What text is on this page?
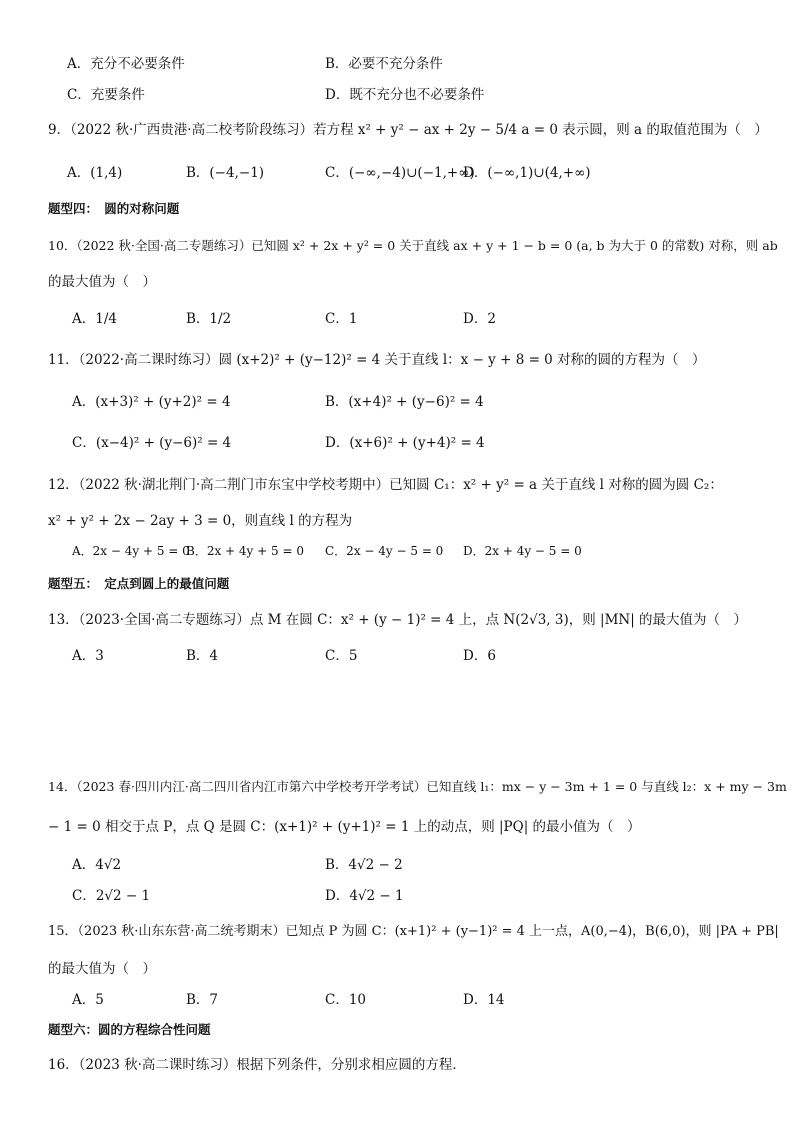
A．充分不必要条件	B．必要不充分条件
C．充要条件	D．既不充分也不必要条件
9．（2022 秋·广西贵港·高二校考阶段练习）若方程 x² + y² − ax + 2y − 5/4 a = 0 表示圆，则 a 的取值范围为（　）
A．(1,4)	B．(−4,−1)	C．(−∞,−4)∪(−1,+∞)
D．(−∞,1)∪(4,+∞)
题型四：　圆的对称问题
10．（2022 秋·全国·高二专题练习）已知圆 x² + 2x + y² = 0 关于直线 ax + y + 1 − b = 0 (a, b 为大于 0 的常数) 对称，则 ab
的最大值为（　）
A．1/4	B．1/2	C．1	D．2
11．（2022·高二课时练习）圆 (x+2)² + (y−12)² = 4 关于直线 l：x − y + 8 = 0 对称的圆的方程为（　）
A．(x+3)² + (y+2)² = 4	B．(x+4)² + (y−6)² = 4
C．(x−4)² + (y−6)² = 4	D．(x+6)² + (y+4)² = 4
12．（2022 秋·湖北荆门·高二荆门市东宝中学校考期中）已知圆 C₁：x² + y² = a 关于直线 l 对称的圆为圆 C₂：
x² + y² + 2x − 2ay + 3 = 0，则直线 l 的方程为
A．2x − 4y + 5 = 0
B．2x + 4y + 5 = 0 C．2x − 4y − 5 = 0 D．2x + 4y − 5 = 0
题型五：　定点到圆上的最值问题
13．（2023·全国·高二专题练习）点 M 在圆 C：x² + (y − 1)² = 4 上，点 N(2√3, 3)，则 |MN| 的最大值为（　）
A．3	B．4	C．5	D．6
14．（2023 春·四川内江·高二四川省内江市第六中学校考开学考试）已知直线 l₁：mx − y − 3m + 1 = 0 与直线 l₂：x + my − 3m
− 1 = 0 相交于点 P，点 Q 是圆 C：(x+1)² + (y+1)² = 1 上的动点，则 |PQ| 的最小值为（　）
A．4√2	B．4√2 − 2
C．2√2 − 1	D．4√2 − 1
15．（2023 秋·山东东营·高二统考期末）已知点 P 为圆 C：(x+1)² + (y−1)² = 4 上一点，A(0,−4)，B(6,0)，则 |PA + PB|
的最大值为（　）
A．5	B．7	C．10	D．14
题型六：圆的方程综合性问题
16．（2023 秋·高二课时练习）根据下列条件，分别求相应圆的方程．
